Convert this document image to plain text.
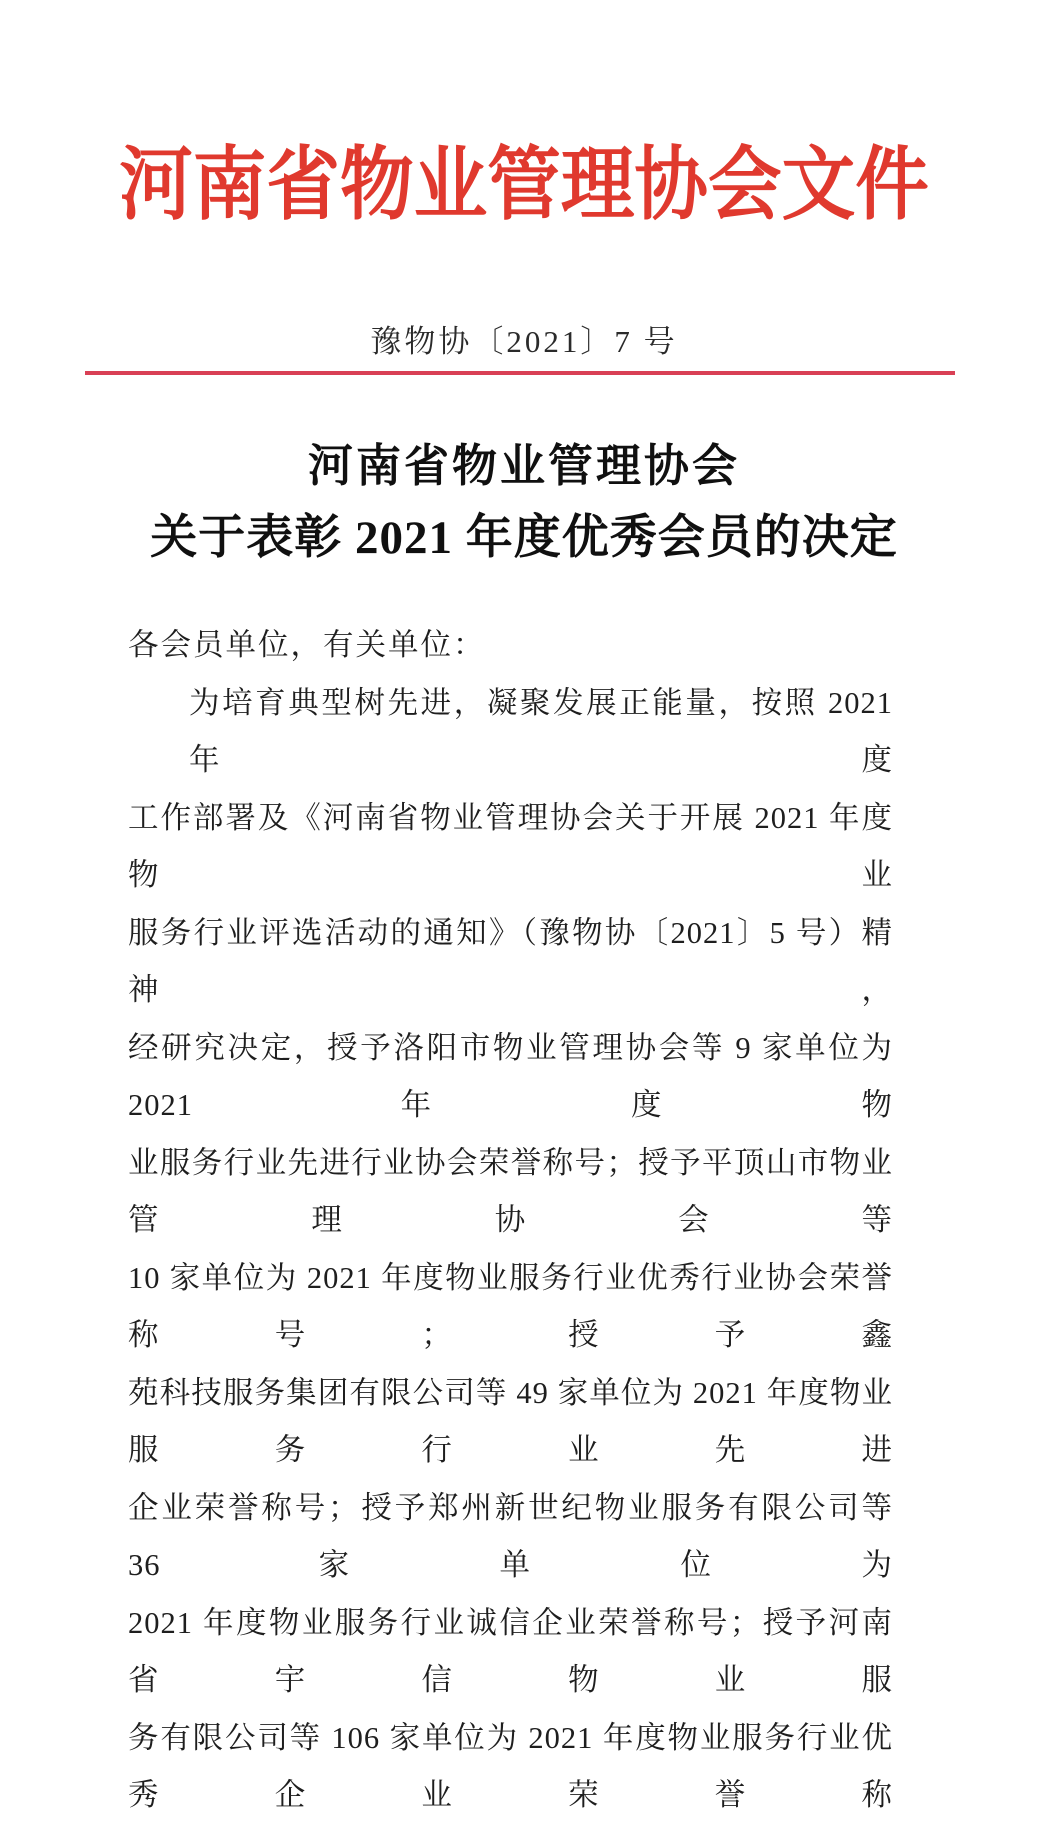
河南省物业管理协会文件
豫物协〔2021〕7 号
河南省物业管理协会
关于表彰 2021 年度优秀会员的决定
各会员单位，有关单位：
为培育典型树先进，凝聚发展正能量，按照 2021 年度
工作部署及《河南省物业管理协会关于开展 2021 年度物业
服务行业评选活动的通知》（豫物协〔2021〕5 号）精神，
经研究决定，授予洛阳市物业管理协会等 9 家单位为 2021 年度物
业服务行业先进行业协会荣誉称号；授予平顶山市物业管理协会等
10 家单位为 2021 年度物业服务行业优秀行业协会荣誉称号；授予鑫
苑科技服务集团有限公司等 49 家单位为 2021 年度物业服务行业先进
企业荣誉称号；授予郑州新世纪物业服务有限公司等 36 家单位为
2021 年度物业服务行业诚信企业荣誉称号；授予河南省宇信物业服
务有限公司等 106 家单位为 2021 年度物业服务行业优秀企业荣誉称
